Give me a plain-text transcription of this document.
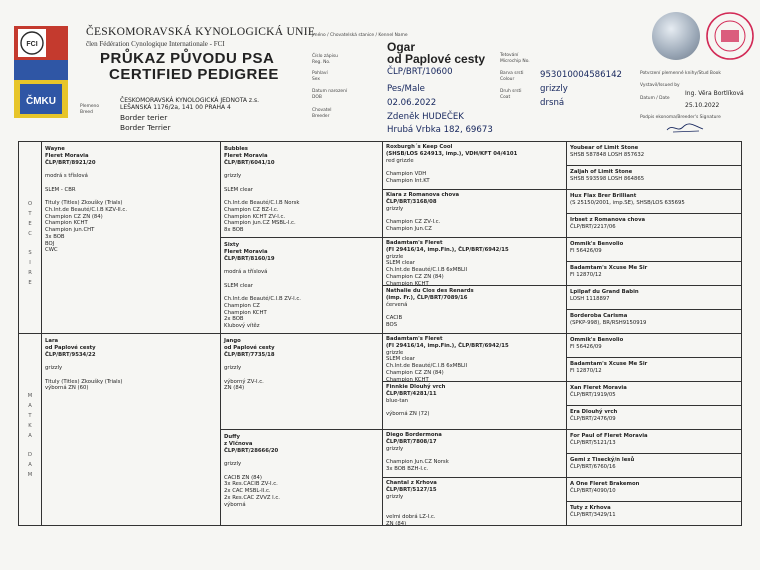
FCI
ČMKU
ČESKOMORAVSKÁ KYNOLOGICKÁ UNIE
člen Fédération Cynologique Internationale - FCI
PRŮKAZ PŮVODU PSA
CERTIFIED PEDIGREE
Plemeno
Breed
ČESKOMORAVSKÁ KYNOLOGICKÁ JEDNOTA z.s.
LEŠANSKÁ 1176/2a, 141 00 PRAHA 4
Border terier
Border Terrier
Jméno / Chovatelská stanice / Kennel Name
Ogar
od Paplové cesty
Číslo zápisu
Reg. No.
ČLP/BRT/10600
Pohlaví
Sex
Pes/Male
Datum narození
DOB
02.06.2022
Chovatel
Breeder	Zdeněk HUDEČEK
Hrubá Vrbka 182, 69673
Tetování
Microchip No.
953010004586142
Barva srsti
Colour
grizzly
Druh srsti
Coat
drsná
Potvrzení plemenné knihy/Stud Book
Vystavil/Issued by
Ing. Věra Bortlíková
Datum / Date
25.10.2022
Podpis ekonoma/Breeder's Signature
O
T
E
C

S
I
R
E
M
A
T
K
A

D
A
M
Wayne
Fleret Moravia
ČLP/BRT/8921/20

modrá s tříslová

SLEM - CBR

Tituly (Titles) Zkoušky (Trials)
Ch.Int.de Beauté/C.I.B KZV-II.c.
Champion CZ ZN (84)
Champion KCHT
Champion jun.CHT
3x BOB
BOJ
CWC
Lara
od Paplové cesty
ČLP/BRT/9534/22

grizzly

Tituly (Titles) Zkoušky (Trials)
výborná ZN (60)
Bubbles
Fleret Moravia
ČLP/BRT/6041/10

grizzly

SLEM clear

Ch.Int.de Beauté/C.I.B Norsk
Champion CZ BZ-I.c.
Champion KCHT ZV-I.c.
Champion jun.CZ MSBL-I.c.
8x BOB
Sixty
Fleret Moravia
ČLP/BRT/8160/19

modrá a tříslová

SLEM clear

Ch.Int.de Beauté/C.I.B ZV-I.c.
Champion CZ
Champion KCHT
2x BOB
Klubový vítěz
Jango
od Paplové cesty
ČLP/BRT/7735/18

grizzly

výborný ZV-I.c.
ZN (84)
Duffy
z Vlčnova
ČLP/BRT/28666/20

grizzly

CACIB ZN (84)
3x Res.CACIB ZV-I.c.
2x CAC MSBL-II.c.
2x Res.CAC ZVVZ I.c.
výborná
Roxburgh´s Keep Cool
(SHSB/LOS 624913, imp.), VDH/KFT 04/4101
red grizzle

Champion VDH
Champion Int.KT
Kiara z Romanova chova
ČLP/BRT/3168/08
grizzly

Champion CZ ZV-I.c.
Champion Jun.CZ
Badamtam's Fleret
(FI 29416/14, imp.Fin.), ČLP/BRT/6942/15
grizzle
SLEM clear
Ch.Int.de Beauté/C.I.B 6xMBLII
Champion CZ ZN (84)
Champion KCHT
Nathalie du Clos des Renards
(imp. Fr.), ČLP/BRT/7089/16
červená

CACIB
BOS
Badamtam's Fleret
(FI 29416/14, imp.Fin.), ČLP/BRT/6942/15
grizzle
SLEM clear
Ch.Int.de Beauté/C.I.B 6xMBLII
Champion CZ ZN (84)
Champion KCHT
Finnkie Dlouhý vrch
ČLP/BRT/4281/11
blue-tan

výborná ZN (72)
Diego Bordermona
ČLP/BRT/7808/17
grizzly

Champion Jun.CZ Norsk
3x BOB BZH-I.c.
Chantal z Krhova
ČLP/BRT/5127/15
grizzly

velmi dobrá LZ-I.c.
ZN (84)
Youbear of Limit Stone
SHSB 587848 LOSH 857632
Zaljah of Limit Stone
SHSB 593598 LOSH 864865
Hux Flax Brer Brilliant
(S 25150/2001, imp.SE), SHSB/LOS 635695
Irbset z Romanova chova
ČLP/BRT/2217/06
Ommik's Benvolio
FI 56426/09
Badamtam's Xcuse Me Sir
FI 12870/12
Lpilpaf du Grand Babin
LOSH 1118897
Borderoba Carisma
(SPKP-998), BR/RSH9150919
Ommik's Benvolio
FI 56426/09
Badamtam's Xcuse Me Sir
FI 12870/12
Xan Fleret Moravia
ČLP/BRT/1919/05
Era Dlouhý vrch
ČLP/BRT/2476/09
For Paul of Fleret Moravia
ČLP/BRT/5121/13
Gemi z Tisecký/n lesů
ČLP/BRT/6760/16
A One Fleret Brakemon
ČLP/BRT/4090/10
Tuty z Krhova
ČLP/BRT/3429/11
